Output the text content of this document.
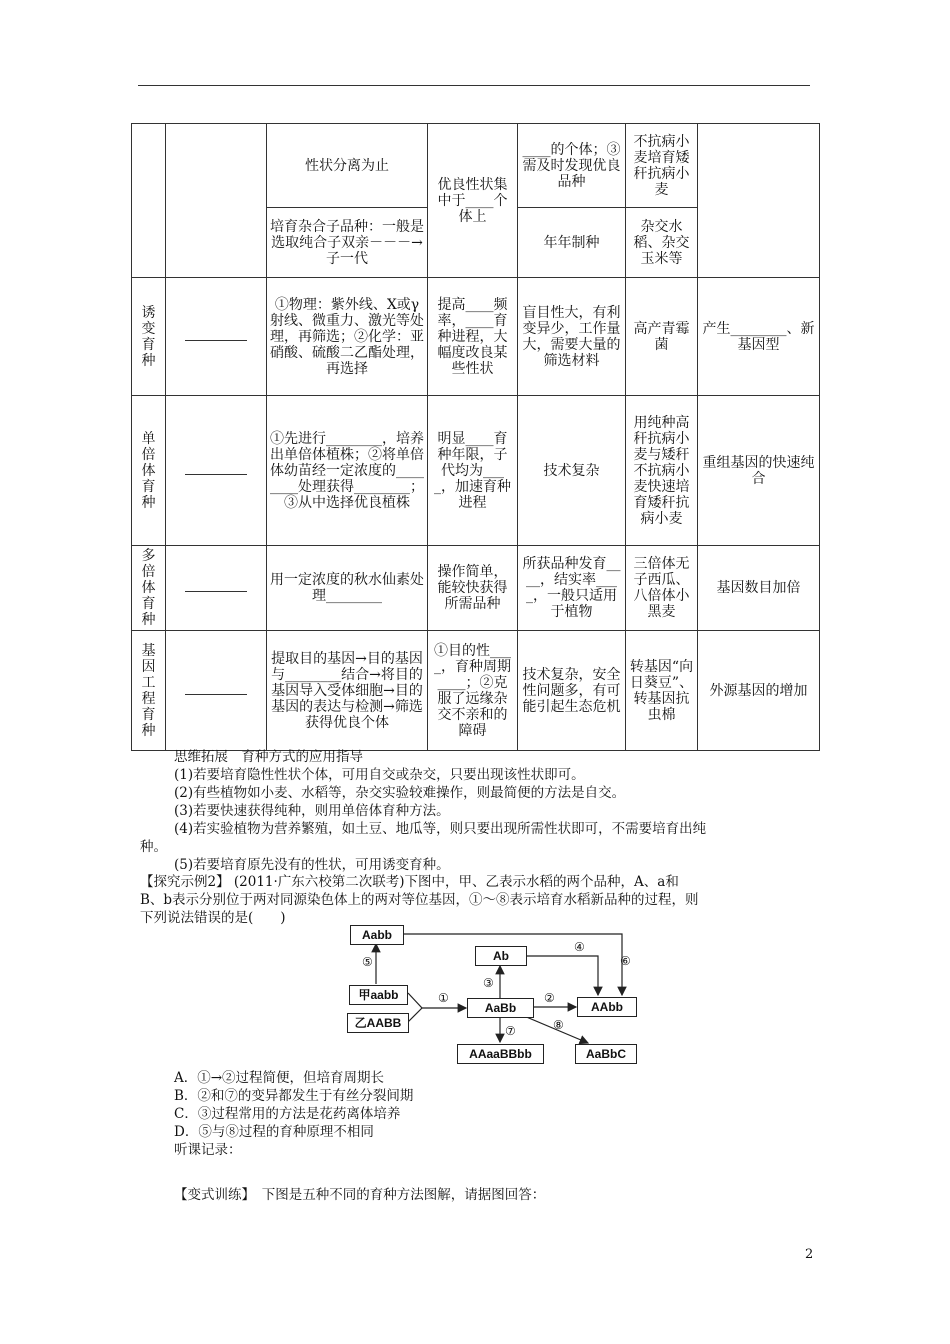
		性状分离为止	优良性状集中于____个体上	____的个体；③需及时发现优良品种	不抗病小麦培育矮秆抗病小麦	
		培育杂合子品种：一般是选取纯合子双亲－－－→子一代		年年制种	杂交水稻、杂交玉米等	
诱变育种		①物理：紫外线、X或γ射线、微重力、激光等处理，再筛选；②化学：亚硝酸、硫酸二乙酯处理，再选择	提高____频率，____育种进程，大幅度改良某些性状	盲目性大，有利变异少，工作量大，需要大量的筛选材料	高产青霉菌	产生________、新基因型
单倍体育种		①先进行________，培养出单倍体植株；②将单倍体幼苗经一定浓度的________处理获得________；③从中选择优良植株	明显____育种年限，子代均为____，加速育种进程	技术复杂	用纯种高秆抗病小麦与矮秆不抗病小麦快速培育矮秆抗病小麦	重组基因的快速纯合
多倍体育种		用一定浓度的秋水仙素处理________	操作简单，能较快获得所需品种	所获品种发育____，结实率____，一般只适用于植物	三倍体无子西瓜、八倍体小黑麦	基因数目加倍
基因工程育种		提取目的基因→目的基因与________结合→将目的基因导入受体细胞→目的基因的表达与检测→筛选获得优良个体	①目的性____，育种周期____；②克服了远缘杂交不亲和的障碍	技术复杂，安全性问题多，有可能引起生态危机	转基因“向日葵豆”、转基因抗虫棉	外源基因的增加

思维拓展　育种方式的应用指导

(1)若要培育隐性性状个体，可用自交或杂交，只要出现该性状即可。

(2)有些植物如小麦、水稻等，杂交实验较难操作，则最简便的方法是自交。

(3)若要快速获得纯种，则用单倍体育种方法。

(4)若实验植物为营养繁殖，如土豆、地瓜等，则只要出现所需性状即可，不需要培育出纯

种。

(5)若要培育原先没有的性状，可用诱变育种。

【探究示例2】 (2011·广东六校第二次联考)下图中，甲、乙表示水稻的两个品种，A、a和

B、b表示分别位于两对同源染色体上的两对等位基因，①～⑧表示培育水稻新品种的过程，则

下列说法错误的是(　　)

Aabb
甲aabb
乙AABB
Ab
AaBb	AAbb
AAaaBBbb	AaBbC
⑤
①
③
④
⑥
②
⑦	⑧

A．①→②过程简便，但培育周期长

B．②和⑦的变异都发生于有丝分裂间期

C．③过程常用的方法是花药离体培养

D．⑤与⑧过程的育种原理不相同

听课记录：

【变式训练】　下图是五种不同的育种方法图解，请据图回答：

2
